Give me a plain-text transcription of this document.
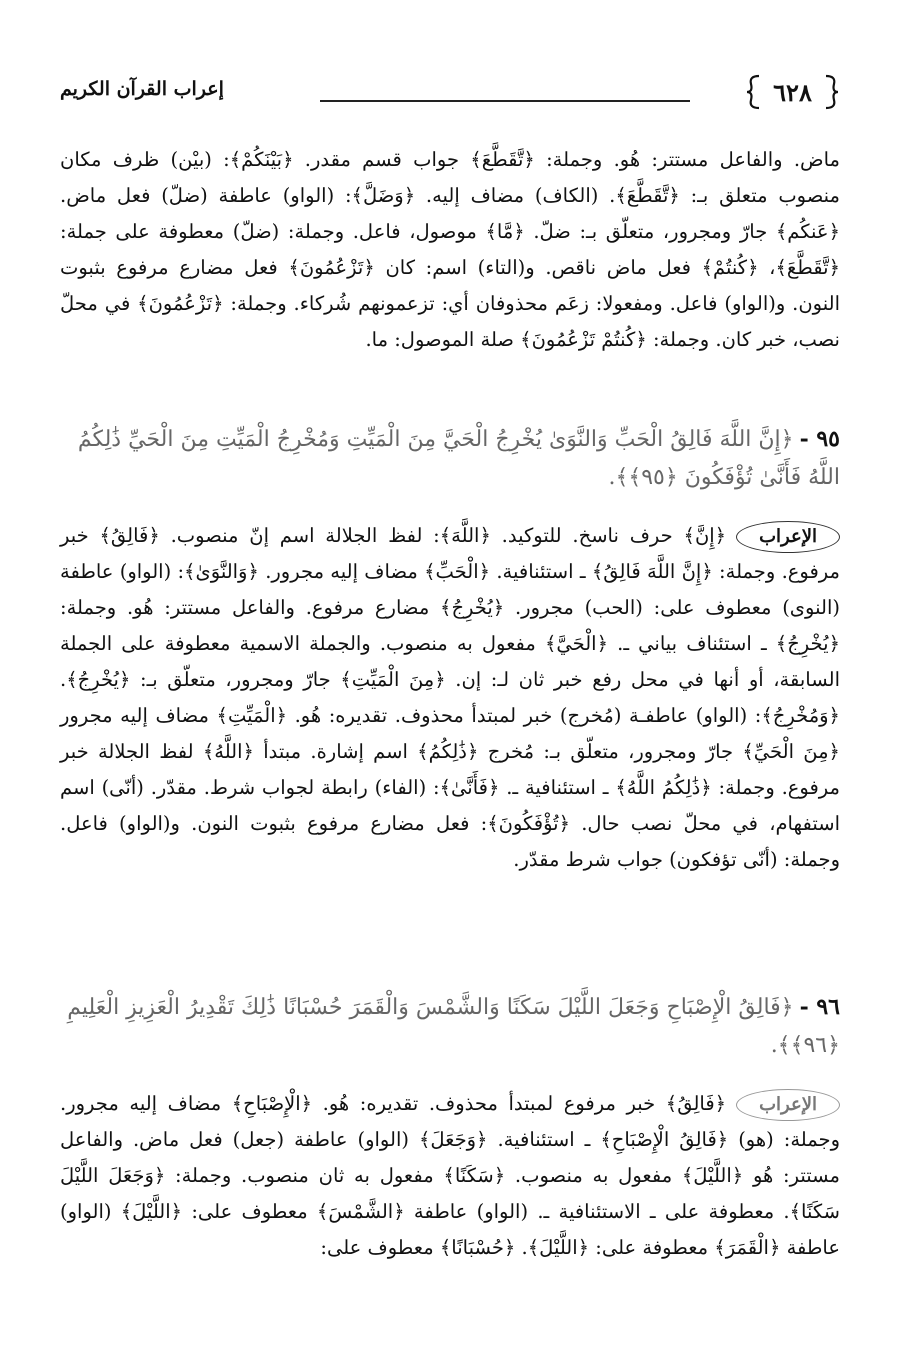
٦٢٨
إعراب القرآن الكريم
ماض. والفاعل مستتر: هُو. وجملة: ﴿تَّقَطَّعَ﴾ جواب قسم مقدر. ﴿بَيْنَكُمْ﴾: (بيْن) ظرف مكان منصوب متعلق بـ: ﴿تَّقَطَّعَ﴾. (الكاف) مضاف إليه. ﴿وَضَلَّ﴾: (الواو) عاطفة (ضلّ) فعل ماض. ﴿عَنكُم﴾ جارّ ومجرور، متعلّق بـ: ضلّ. ﴿مَّا﴾ موصول، فاعل. وجملة: (ضلّ) معطوفة على جملة: ﴿تَّقَطَّعَ﴾، ﴿كُنتُمْ﴾ فعل ماض ناقص. و(التاء) اسم: كان ﴿تَزْعُمُونَ﴾ فعل مضارع مرفوع بثبوت النون. و(الواو) فاعل. ومفعولا: زعَم محذوفان أي: تزعمونهم شُركاء. وجملة: ﴿تَزْعُمُونَ﴾ في محلّ نصب، خبر كان. وجملة: ﴿كُنتُمْ تَزْعُمُونَ﴾ صلة الموصول: ما.
٩٥ -﴿إِنَّ اللَّهَ فَالِقُ الْحَبِّ وَالنَّوَىٰ يُخْرِجُ الْحَيَّ مِنَ الْمَيِّتِ وَمُخْرِجُ الْمَيِّتِ مِنَ الْحَيِّ ذَٰلِكُمُ اللَّهُ فَأَنَّىٰ تُؤْفَكُونَ ﴿٩٥﴾﴾.
الإعراب﴿إِنَّ﴾ حرف ناسخ. للتوكيد. ﴿اللَّهَ﴾: لفظ الجلالة اسم إنّ منصوب. ﴿فَالِقُ﴾ خبر مرفوع. وجملة: ﴿إِنَّ اللَّهَ فَالِقُ﴾ ـ استئنافية. ﴿الْحَبِّ﴾ مضاف إليه مجرور. ﴿وَالنَّوَىٰ﴾: (الواو) عاطفة (النوى) معطوف على: (الحب) مجرور. ﴿يُخْرِجُ﴾ مضارع مرفوع. والفاعل مستتر: هُو. وجملة: ﴿يُخْرِجُ﴾ ـ استئناف بياني ـ. ﴿الْحَيَّ﴾ مفعول به منصوب. والجملة الاسمية معطوفة على الجملة السابقة، أو أنها في محل رفع خبر ثان لـ: إن. ﴿مِنَ الْمَيِّتِ﴾ جارّ ومجرور، متعلّق بـ: ﴿يُخْرِجُ﴾. ﴿وَمُخْرِجُ﴾: (الواو) عاطفـة (مُخرج) خبر لمبتدأ محذوف. تقديره: هُو. ﴿الْمَيِّتِ﴾ مضاف إليه مجرور ﴿مِنَ الْحَيِّ﴾ جارّ ومجرور، متعلّق بـ: مُخرج ﴿ذَٰلِكُمُ﴾ اسم إشارة. مبتدأ ﴿اللَّهُ﴾ لفظ الجلالة خبر مرفوع. وجملة: ﴿ذَٰلِكُمُ اللَّهُ﴾ ـ استئنافية ـ. ﴿فَأَنَّىٰ﴾: (الفاء) رابطة لجواب شرط. مقدّر. (أنّى) اسم استفهام، في محلّ نصب حال. ﴿تُؤْفَكُونَ﴾: فعل مضارع مرفوع بثبوت النون. و(الواو) فاعل. وجملة: (أنّى تؤفكون) جواب شرط مقدّر.
٩٦ -﴿فَالِقُ الْإِصْبَاحِ وَجَعَلَ اللَّيْلَ سَكَنًا وَالشَّمْسَ وَالْقَمَرَ حُسْبَانًا ذَٰلِكَ تَقْدِيرُ الْعَزِيزِ الْعَلِيمِ ﴿٩٦﴾﴾.
الإعراب﴿فَالِقُ﴾ خبر مرفوع لمبتدأ محذوف. تقديره: هُو. ﴿الْإِصْبَاحِ﴾ مضاف إليه مجرور. وجملة: (هو) ﴿فَالِقُ الْإِصْبَاحِ﴾ ـ استئنافية. ﴿وَجَعَلَ﴾ (الواو) عاطفة (جعل) فعل ماض. والفاعل مستتر: هُو ﴿اللَّيْلَ﴾ مفعول به منصوب. ﴿سَكَنًا﴾ مفعول به ثان منصوب. وجملة: ﴿وَجَعَلَ اللَّيْلَ سَكَنًا﴾. معطوفة على ـ الاستئنافية ـ. (الواو) عاطفة ﴿الشَّمْسَ﴾ معطوف على: ﴿اللَّيْلَ﴾ (الواو) عاطفة ﴿الْقَمَرَ﴾ معطوفة على: ﴿اللَّيْلَ﴾. ﴿حُسْبَانًا﴾ معطوف على:
